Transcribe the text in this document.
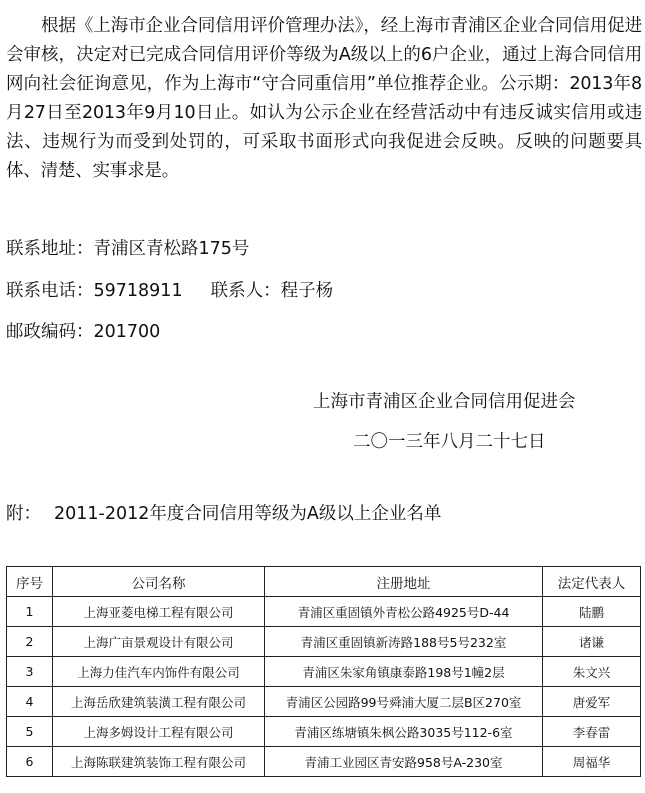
根据《上海市企业合同信用评价管理办法》，经上海市青浦区企业合同信用促进会审核，决定对已完成合同信用评价等级为A级以上的6户企业，通过上海合同信用网向社会征询意见，作为上海市“守合同重信用”单位推荐企业。公示期：2013年8月27日至2013年9月10日止。如认为公示企业在经营活动中有违反诚实信用或违法、违规行为而受到处罚的，可采取书面形式向我促进会反映。反映的问题要具体、清楚、实事求是。

联系地址：青浦区青松路175号
联系电话：59718911 联系人：程子杨
邮政编码：201700
上海市青浦区企业合同信用促进会
二〇一三年八月二十七日
附： 2011-2012年度合同信用等级为A级以上企业名单
序号	公司名称	注册地址	法定代表人
1	上海亚菱电梯工程有限公司	青浦区重固镇外青松公路4925号D-44	陆鹏
2	上海广亩景观设计有限公司	青浦区重固镇新涛路188号5号232室	诸谦
3	上海力佳汽车内饰件有限公司	青浦区朱家角镇康泰路198号1幢2层	朱文兴
4	上海岳欣建筑装潢工程有限公司	青浦区公园路99号舜浦大厦二层B区270室	唐爱军
5	上海多姆设计工程有限公司	青浦区练塘镇朱枫公路3035号112-6室	李春雷
6	上海陈联建筑装饰工程有限公司	青浦工业园区青安路958号A-230室	周福华
